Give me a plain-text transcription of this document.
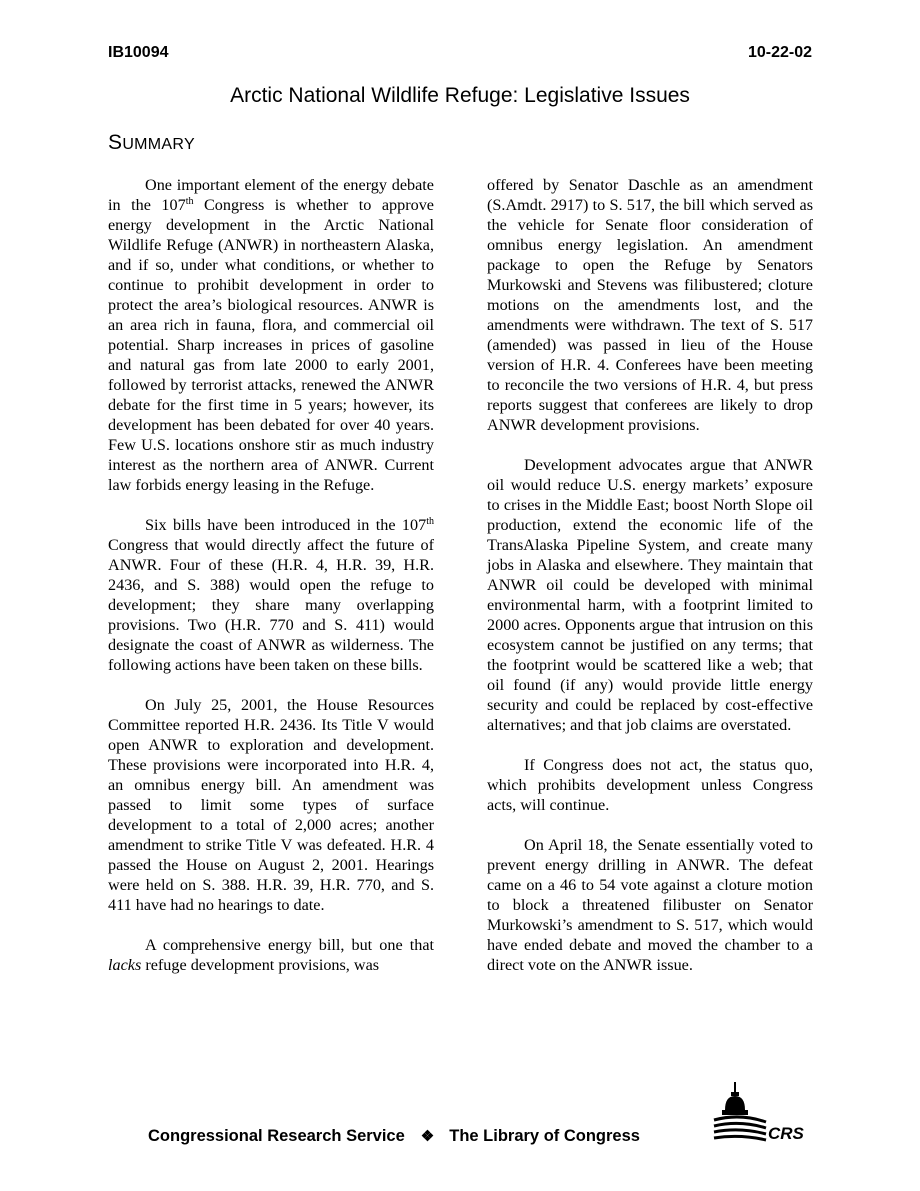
IB10094	10-22-02
Arctic National Wildlife Refuge: Legislative Issues
SUMMARY

One important element of the energy debate in the 107th Congress is whether to approve energy development in the Arctic National Wildlife Refuge (ANWR) in northeastern Alaska, and if so, under what conditions, or whether to continue to prohibit development in order to protect the area’s biological resources. ANWR is an area rich in fauna, flora, and commercial oil potential. Sharp increases in prices of gasoline and natural gas from late 2000 to early 2001, followed by terrorist attacks, renewed the ANWR debate for the first time in 5 years; however, its development has been debated for over 40 years. Few U.S. locations onshore stir as much industry interest as the northern area of ANWR. Current law forbids energy leasing in the Refuge.

Six bills have been introduced in the 107th Congress that would directly affect the future of ANWR. Four of these (H.R. 4, H.R. 39, H.R. 2436, and S. 388) would open the refuge to development; they share many overlapping provisions. Two (H.R. 770 and S. 411) would designate the coast of ANWR as wilderness. The following actions have been taken on these bills.

On July 25, 2001, the House Resources Committee reported H.R. 2436. Its Title V would open ANWR to exploration and development. These provisions were incorporated into H.R. 4, an omnibus energy bill. An amendment was passed to limit some types of surface development to a total of 2,000 acres; another amendment to strike Title V was defeated. H.R. 4 passed the House on August 2, 2001. Hearings were held on S. 388. H.R. 39, H.R. 770, and S. 411 have had no hearings to date.

A comprehensive energy bill, but one that lacks refuge development provisions, was

offered by Senator Daschle as an amendment (S.Amdt. 2917) to S. 517, the bill which served as the vehicle for Senate floor consideration of omnibus energy legislation. An amendment package to open the Refuge by Senators Murkowski and Stevens was filibustered; cloture motions on the amendments lost, and the amendments were withdrawn. The text of S. 517 (amended) was passed in lieu of the House version of H.R. 4. Conferees have been meeting to reconcile the two versions of H.R. 4, but press reports suggest that conferees are likely to drop ANWR development provisions.

Development advocates argue that ANWR oil would reduce U.S. energy markets’ exposure to crises in the Middle East; boost North Slope oil production, extend the economic life of the TransAlaska Pipeline System, and create many jobs in Alaska and elsewhere. They maintain that ANWR oil could be developed with minimal environmental harm, with a footprint limited to 2000 acres. Opponents argue that intrusion on this ecosystem cannot be justified on any terms; that the footprint would be scattered like a web; that oil found (if any) would provide little energy security and could be replaced by cost-effective alternatives; and that job claims are overstated.

If Congress does not act, the status quo, which prohibits development unless Congress acts, will continue.

On April 18, the Senate essentially voted to prevent energy drilling in ANWR. The defeat came on a 46 to 54 vote against a cloture motion to block a threatened filibuster on Senator Murkowski’s amendment to S. 517, which would have ended debate and moved the chamber to a direct vote on the ANWR issue.

Congressional Research Service ❖ The Library of Congress	CRS
